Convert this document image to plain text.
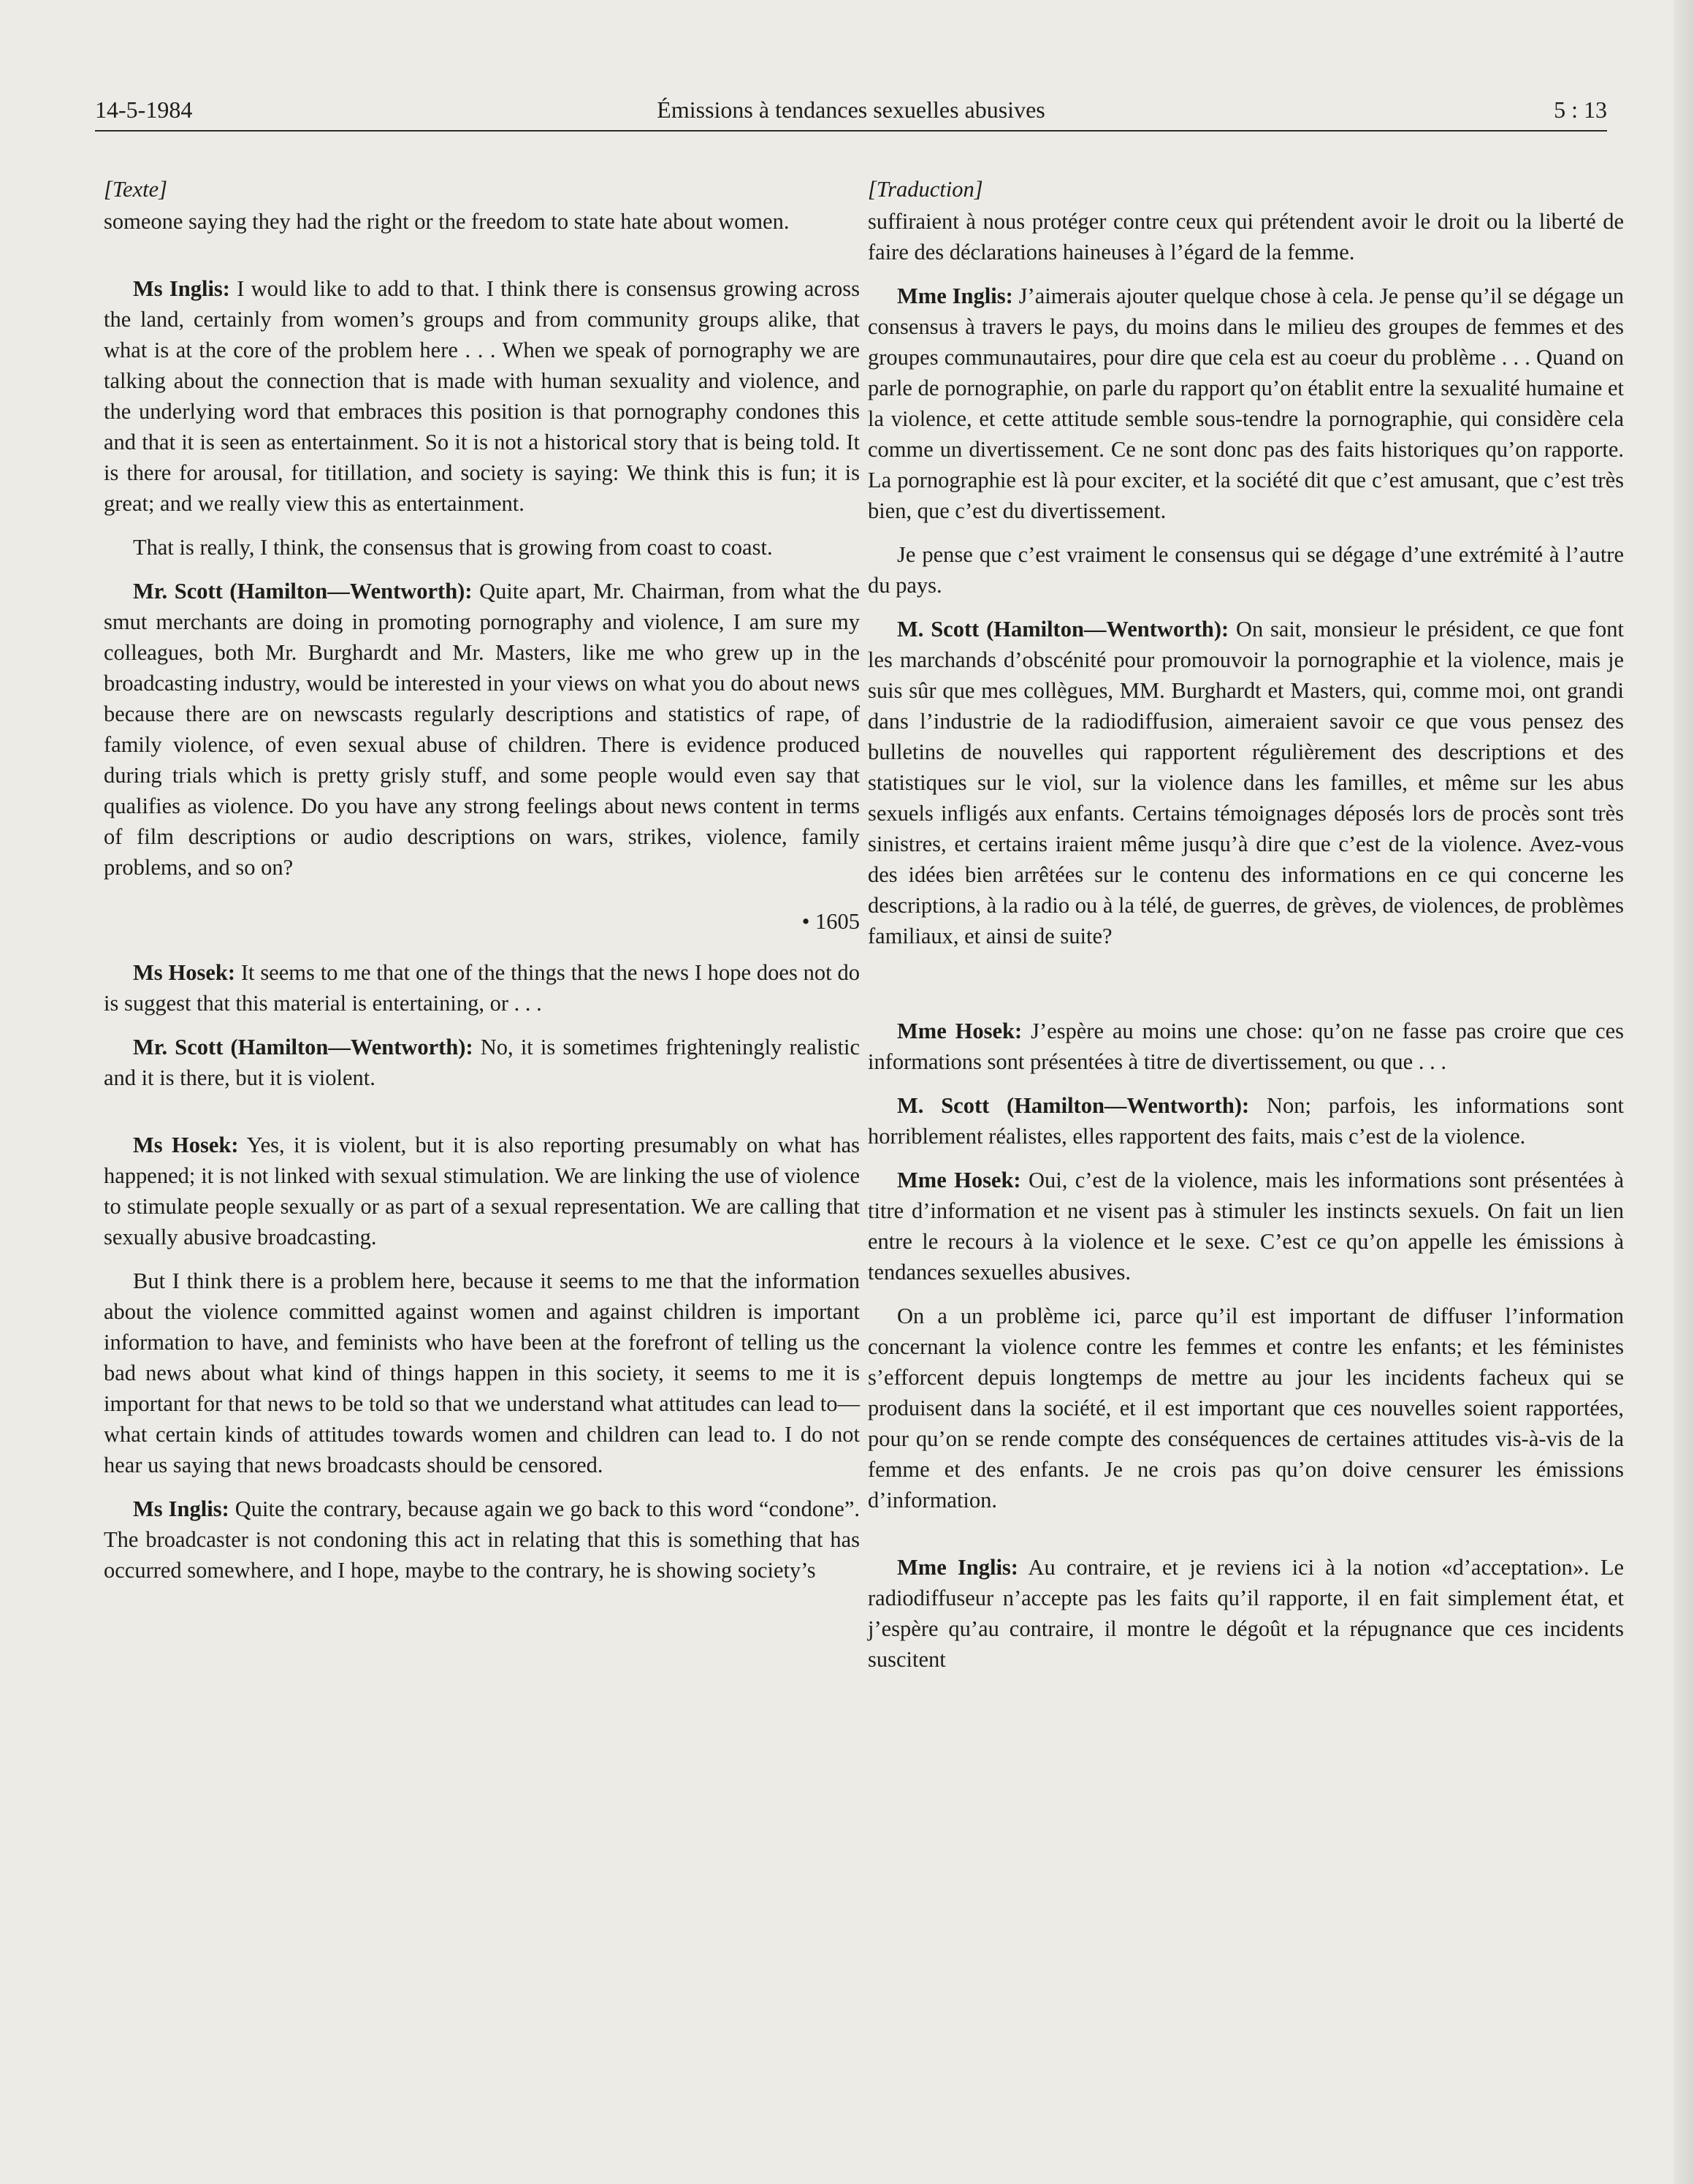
14-5-1984	Émissions à tendances sexuelles abusives	5 : 13
[Texte]

someone saying they had the right or the freedom to state hate about women.

Ms Inglis: I would like to add to that. I think there is consensus growing across the land, certainly from women’s groups and from community groups alike, that what is at the core of the problem here . . . When we speak of pornography we are talking about the connection that is made with human sexuality and violence, and the underlying word that embraces this position is that pornography condones this and that it is seen as entertainment. So it is not a historical story that is being told. It is there for arousal, for titillation, and society is saying: We think this is fun; it is great; and we really view this as entertainment.

That is really, I think, the consensus that is growing from coast to coast.

Mr. Scott (Hamilton—Wentworth): Quite apart, Mr. Chairman, from what the smut merchants are doing in promoting pornography and violence, I am sure my colleagues, both Mr. Burghardt and Mr. Masters, like me who grew up in the broadcasting industry, would be interested in your views on what you do about news because there are on newscasts regularly descriptions and statistics of rape, of family violence, of even sexual abuse of children. There is evidence produced during trials which is pretty grisly stuff, and some people would even say that qualifies as violence. Do you have any strong feelings about news content in terms of film descriptions or audio descriptions on wars, strikes, violence, family problems, and so on?

• 1605

Ms Hosek: It seems to me that one of the things that the news I hope does not do is suggest that this material is entertaining, or . . .

Mr. Scott (Hamilton—Wentworth): No, it is sometimes frighteningly realistic and it is there, but it is violent.

Ms Hosek: Yes, it is violent, but it is also reporting presumably on what has happened; it is not linked with sexual stimulation. We are linking the use of violence to stimulate people sexually or as part of a sexual representation. We are calling that sexually abusive broadcasting.

But I think there is a problem here, because it seems to me that the information about the violence committed against women and against children is important information to have, and feminists who have been at the forefront of telling us the bad news about what kind of things happen in this society, it seems to me it is important for that news to be told so that we understand what attitudes can lead to—what certain kinds of attitudes towards women and children can lead to. I do not hear us saying that news broadcasts should be censored.

Ms Inglis: Quite the contrary, because again we go back to this word “condone”. The broadcaster is not condoning this act in relating that this is something that has occurred somewhere, and I hope, maybe to the contrary, he is showing society’s

[Traduction]

suffiraient à nous protéger contre ceux qui prétendent avoir le droit ou la liberté de faire des déclarations haineuses à l’égard de la femme.

Mme Inglis: J’aimerais ajouter quelque chose à cela. Je pense qu’il se dégage un consensus à travers le pays, du moins dans le milieu des groupes de femmes et des groupes communautaires, pour dire que cela est au coeur du problème . . . Quand on parle de pornographie, on parle du rapport qu’on établit entre la sexualité humaine et la violence, et cette attitude semble sous-tendre la pornographie, qui considère cela comme un divertissement. Ce ne sont donc pas des faits historiques qu’on rapporte. La pornographie est là pour exciter, et la société dit que c’est amusant, que c’est très bien, que c’est du divertissement.

Je pense que c’est vraiment le consensus qui se dégage d’une extrémité à l’autre du pays.

M. Scott (Hamilton—Wentworth): On sait, monsieur le président, ce que font les marchands d’obscénité pour promouvoir la pornographie et la violence, mais je suis sûr que mes collègues, MM. Burghardt et Masters, qui, comme moi, ont grandi dans l’industrie de la radiodiffusion, aimeraient savoir ce que vous pensez des bulletins de nouvelles qui rapportent régulièrement des descriptions et des statistiques sur le viol, sur la violence dans les familles, et même sur les abus sexuels infligés aux enfants. Certains témoignages déposés lors de procès sont très sinistres, et certains iraient même jusqu’à dire que c’est de la violence. Avez-vous des idées bien arrêtées sur le contenu des informations en ce qui concerne les descriptions, à la radio ou à la télé, de guerres, de grèves, de violences, de problèmes familiaux, et ainsi de suite?

Mme Hosek: J’espère au moins une chose: qu’on ne fasse pas croire que ces informations sont présentées à titre de divertissement, ou que . . .

M. Scott (Hamilton—Wentworth): Non; parfois, les informations sont horriblement réalistes, elles rapportent des faits, mais c’est de la violence.

Mme Hosek: Oui, c’est de la violence, mais les informations sont présentées à titre d’information et ne visent pas à stimuler les instincts sexuels. On fait un lien entre le recours à la violence et le sexe. C’est ce qu’on appelle les émissions à tendances sexuelles abusives.

On a un problème ici, parce qu’il est important de diffuser l’information concernant la violence contre les femmes et contre les enfants; et les féministes s’efforcent depuis longtemps de mettre au jour les incidents facheux qui se produisent dans la société, et il est important que ces nouvelles soient rapportées, pour qu’on se rende compte des conséquences de certaines attitudes vis-à-vis de la femme et des enfants. Je ne crois pas qu’on doive censurer les émissions d’information.

Mme Inglis: Au contraire, et je reviens ici à la notion «d’acceptation». Le radiodiffuseur n’accepte pas les faits qu’il rapporte, il en fait simplement état, et j’espère qu’au contraire, il montre le dégoût et la répugnance que ces incidents suscitent
